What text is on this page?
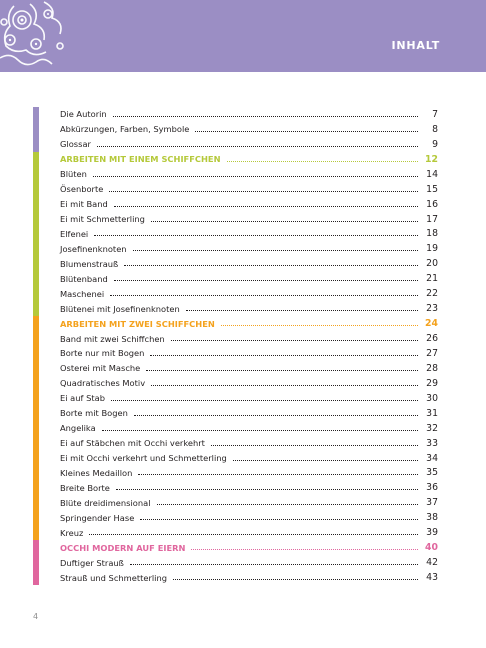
INHALT
Die Autorin	7
Abkürzungen, Farben, Symbole	8
Glossar	9
ARBEITEN MIT EINEM SCHIFFCHEN	12
Blüten	14
Ösenborte	15
Ei mit Band	16
Ei mit Schmetterling	17
Elfenei	18
Josefinenknoten	19
Blumenstrauß	20
Blütenband	21
Maschenei	22
Blütenei mit Josefinenknoten	23
ARBEITEN MIT ZWEI SCHIFFCHEN	24
Band mit zwei Schiffchen	26
Borte nur mit Bogen	27
Osterei mit Masche	28
Quadratisches Motiv	29
Ei auf Stab	30
Borte mit Bogen	31
Angelika	32
Ei auf Stäbchen mit Occhi verkehrt	33
Ei mit Occhi verkehrt und Schmetterling	34
Kleines Medaillon	35
Breite Borte	36
Blüte dreidimensional	37
Springender Hase	38
Kreuz	39
OCCHI MODERN AUF EIERN	40
Duftiger Strauß	42
Strauß und Schmetterling	43
4
